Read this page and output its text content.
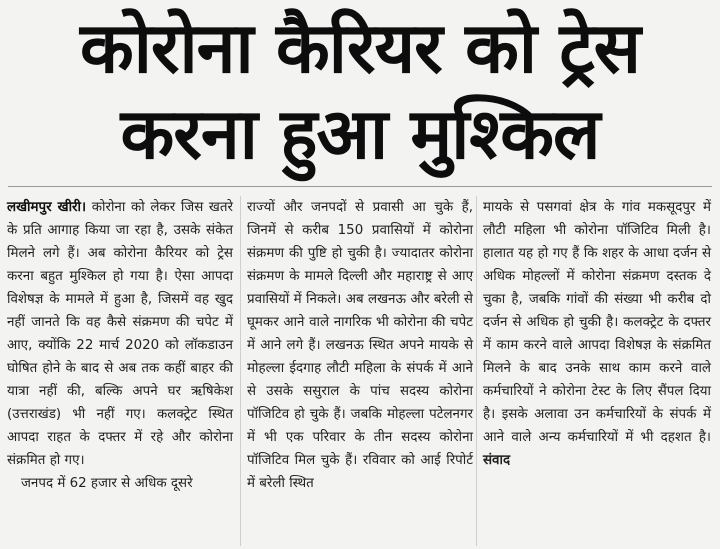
कोरोना कैरियर को ट्रेस
करना हुआ मुश्किल

लखीमपुर खीरी। कोरोना को लेकर जिस खतरे के प्रति आगाह किया जा रहा है, उसके संकेत मिलने लगे हैं। अब कोरोना कैरियर को ट्रेस करना बहुत मुश्किल हो गया है। ऐसा आपदा विशेषज्ञ के मामले में हुआ है, जिसमें वह खुद नहीं जानते कि वह कैसे संक्रमण की चपेट में आए, क्योंकि 22 मार्च 2020 को लॉकडाउन घोषित होने के बाद से अब तक कहीं बाहर की यात्रा नहीं की, बल्कि अपने घर ऋषिकेश (उत्तराखंड) भी नहीं गए। कलक्ट्रेट स्थित आपदा राहत के दफ्तर में रहे और कोरोना संक्रमित हो गए।

जनपद में 62 हजार से अधिक दूसरे

राज्यों और जनपदों से प्रवासी आ चुके हैं, जिनमें से करीब 150 प्रवासियों में कोरोना संक्रमण की पुष्टि हो चुकी है। ज्यादातर कोरोना संक्रमण के मामले दिल्ली और महाराष्ट्र से आए प्रवासियों में निकले। अब लखनऊ और बरेली से घूमकर आने वाले नागरिक भी कोरोना की चपेट में आने लगे हैं। लखनऊ स्थित अपने मायके से मोहल्ला ईदगाह लौटी महिला के संपर्क में आने से उसके ससुराल के पांच सदस्य कोरोना पॉजिटिव हो चुके हैं। जबकि मोहल्ला पटेलनगर में भी एक परिवार के तीन सदस्य कोरोना पॉजिटिव मिल चुके हैं। रविवार को आई रिपोर्ट में बरेली स्थित

मायके से पसगवां क्षेत्र के गांव मकसूदपुर में लौटी महिला भी कोरोना पॉजिटिव मिली है। हालात यह हो गए हैं कि शहर के आधा दर्जन से अधिक मोहल्लों में कोरोना संक्रमण दस्तक दे चुका है, जबकि गांवों की संख्या भी करीब दो दर्जन से अधिक हो चुकी है। कलक्ट्रेट के दफ्तर में काम करने वाले आपदा विशेषज्ञ के संक्रमित मिलने के बाद उनके साथ काम करने वाले कर्मचारियों ने कोरोना टेस्ट के लिए सैंपल दिया है। इसके अलावा उन कर्मचारियों के संपर्क में आने वाले अन्य कर्मचारियों में भी दहशत है। संवाद
